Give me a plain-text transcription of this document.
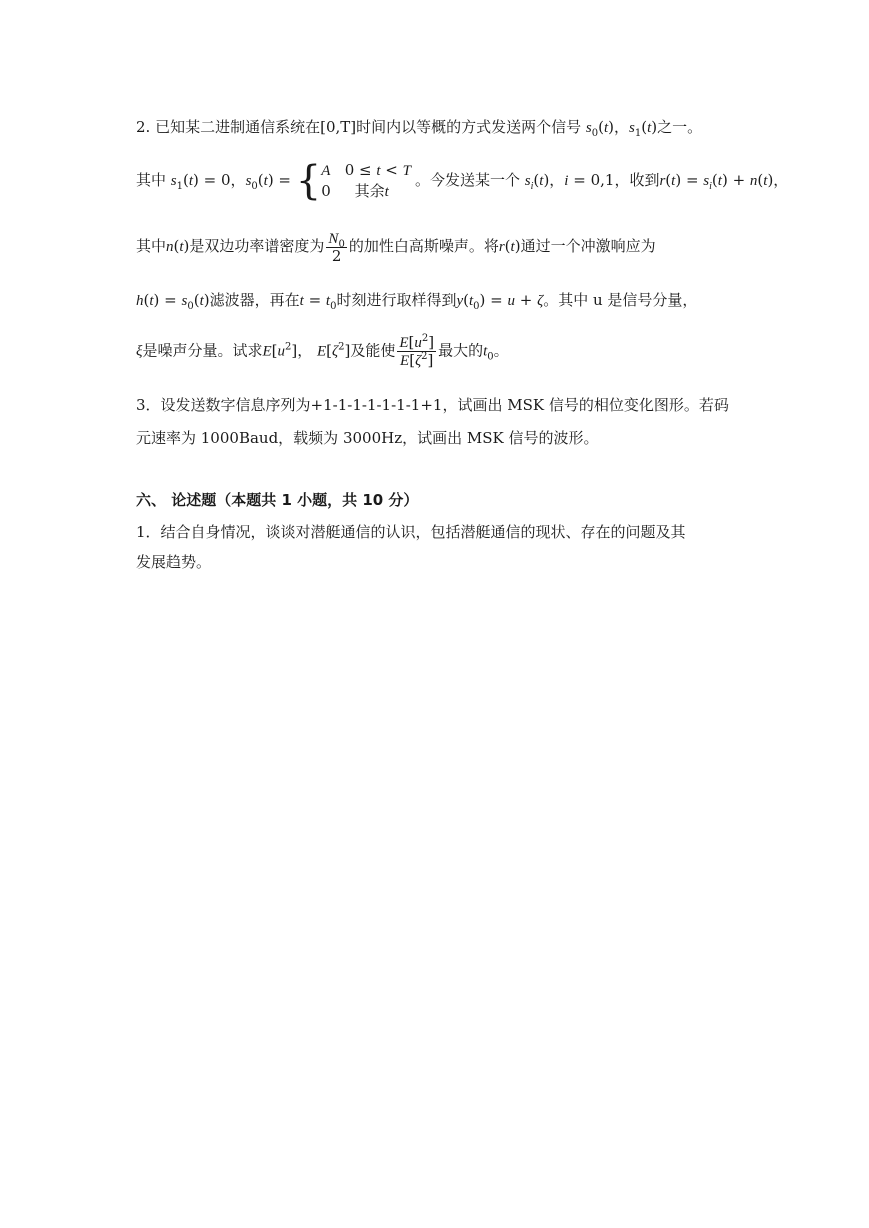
2. 已知某二进制通信系统在[0,T]时间内以等概的方式发送两个信号 $s_0(t)$，$s_1(t)$之一。
其中 $s_1(t) = 0$，$s_0(t)$ = { A   0 ≤ t < T
0     其余t
。今发送某一个 $s_i(t)$，i = 0,1，收到$r(t) = s_i(t) + n(t)$，
其中n(t)是双边功率谱密度为 $\frac{N_0}{2}$ 的加性白高斯噪声。将r(t)通过一个冲激响应为
$h(t) = s_0(t)$滤波器，再在$t = t_0$时刻进行取样得到$y(t_0) = u + \zeta$。其中 u 是信号分量，
ξ是噪声分量。试求$E[u^2]$， $E[\zeta^2]$及能使 $\frac{E[u^2]}{E[\zeta^2]}$ 最大的$t_0$。
3．设发送数字信息序列为+1-1-1-1-1-1-1+1，试画出 MSK 信号的相位变化图形。若码
元速率为 1000Baud，载频为 3000Hz，试画出 MSK 信号的波形。
六、 论述题（本题共 1 小题，共 10 分）
1．结合自身情况，谈谈对潜艇通信的认识，包括潜艇通信的现状、存在的问题及其
发展趋势。
